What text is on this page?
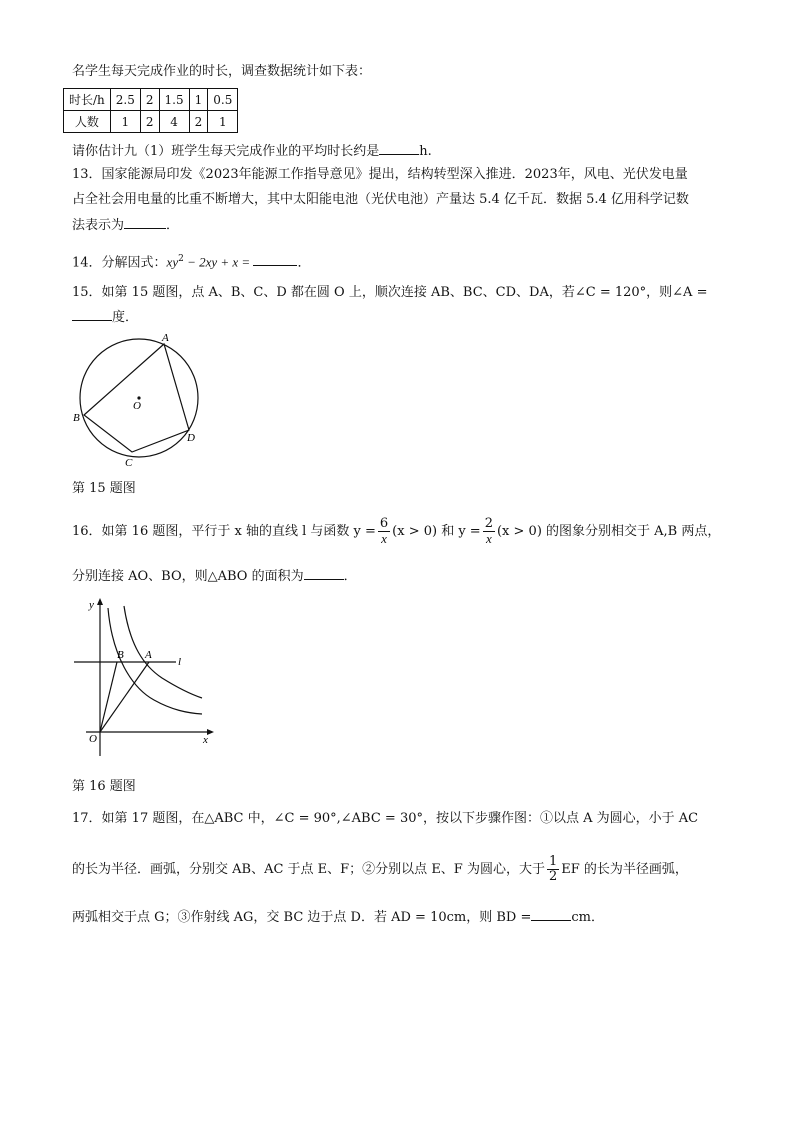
名学生每天完成作业的时长，调查数据统计如下表：
时长/h	2.5	2	1.5	1	0.5
人数	1	2	4	2	1
请你估计九（1）班学生每天完成作业的平均时长约是	h.
13．国家能源局印发《2023年能源工作指导意见》提出，结构转型深入推进．2023年，风电、光伏发电量
占全社会用电量的比重不断增大，其中太阳能电池（光伏电池）产量达 5.4 亿千瓦．数据 5.4 亿用科学记数
法表示为	．
14．分解因式：$xy^2 - 2xy + x$ =	．
15．如第 15 题图，点 A、B、C、D 都在圆 O 上，顺次连接 AB、BC、CD、DA，若∠C = 120°，则∠A =
度．
A
B
C
D
O
第 15 题图
16．如第 16 题图，平行于 x 轴的直线 l 与函数 $y = \frac{6}{x} (x > 0)$ 和 $y = \frac{2}{x} (x > 0)$ 的图象分别相交于 A,B 两点，
分别连接 AO、BO，则△ABO 的面积为	．
y
x
O
B A
l
第 16 题图
17．如第 17 题图，在△ABC 中，∠C = 90°,∠ABC = 30°，按以下步骤作图：①以点 A 为圆心，小于 AC
的长为半径．画弧，分别交 AB、AC 于点 E、F；②分别以点 E、F 为圆心，大于 $\frac{1}{2}$ EF 的长为半径画弧，
两弧相交于点 G；③作射线 AG，交 BC 边于点 D．若 AD = 10cm，则 BD =	cm．
